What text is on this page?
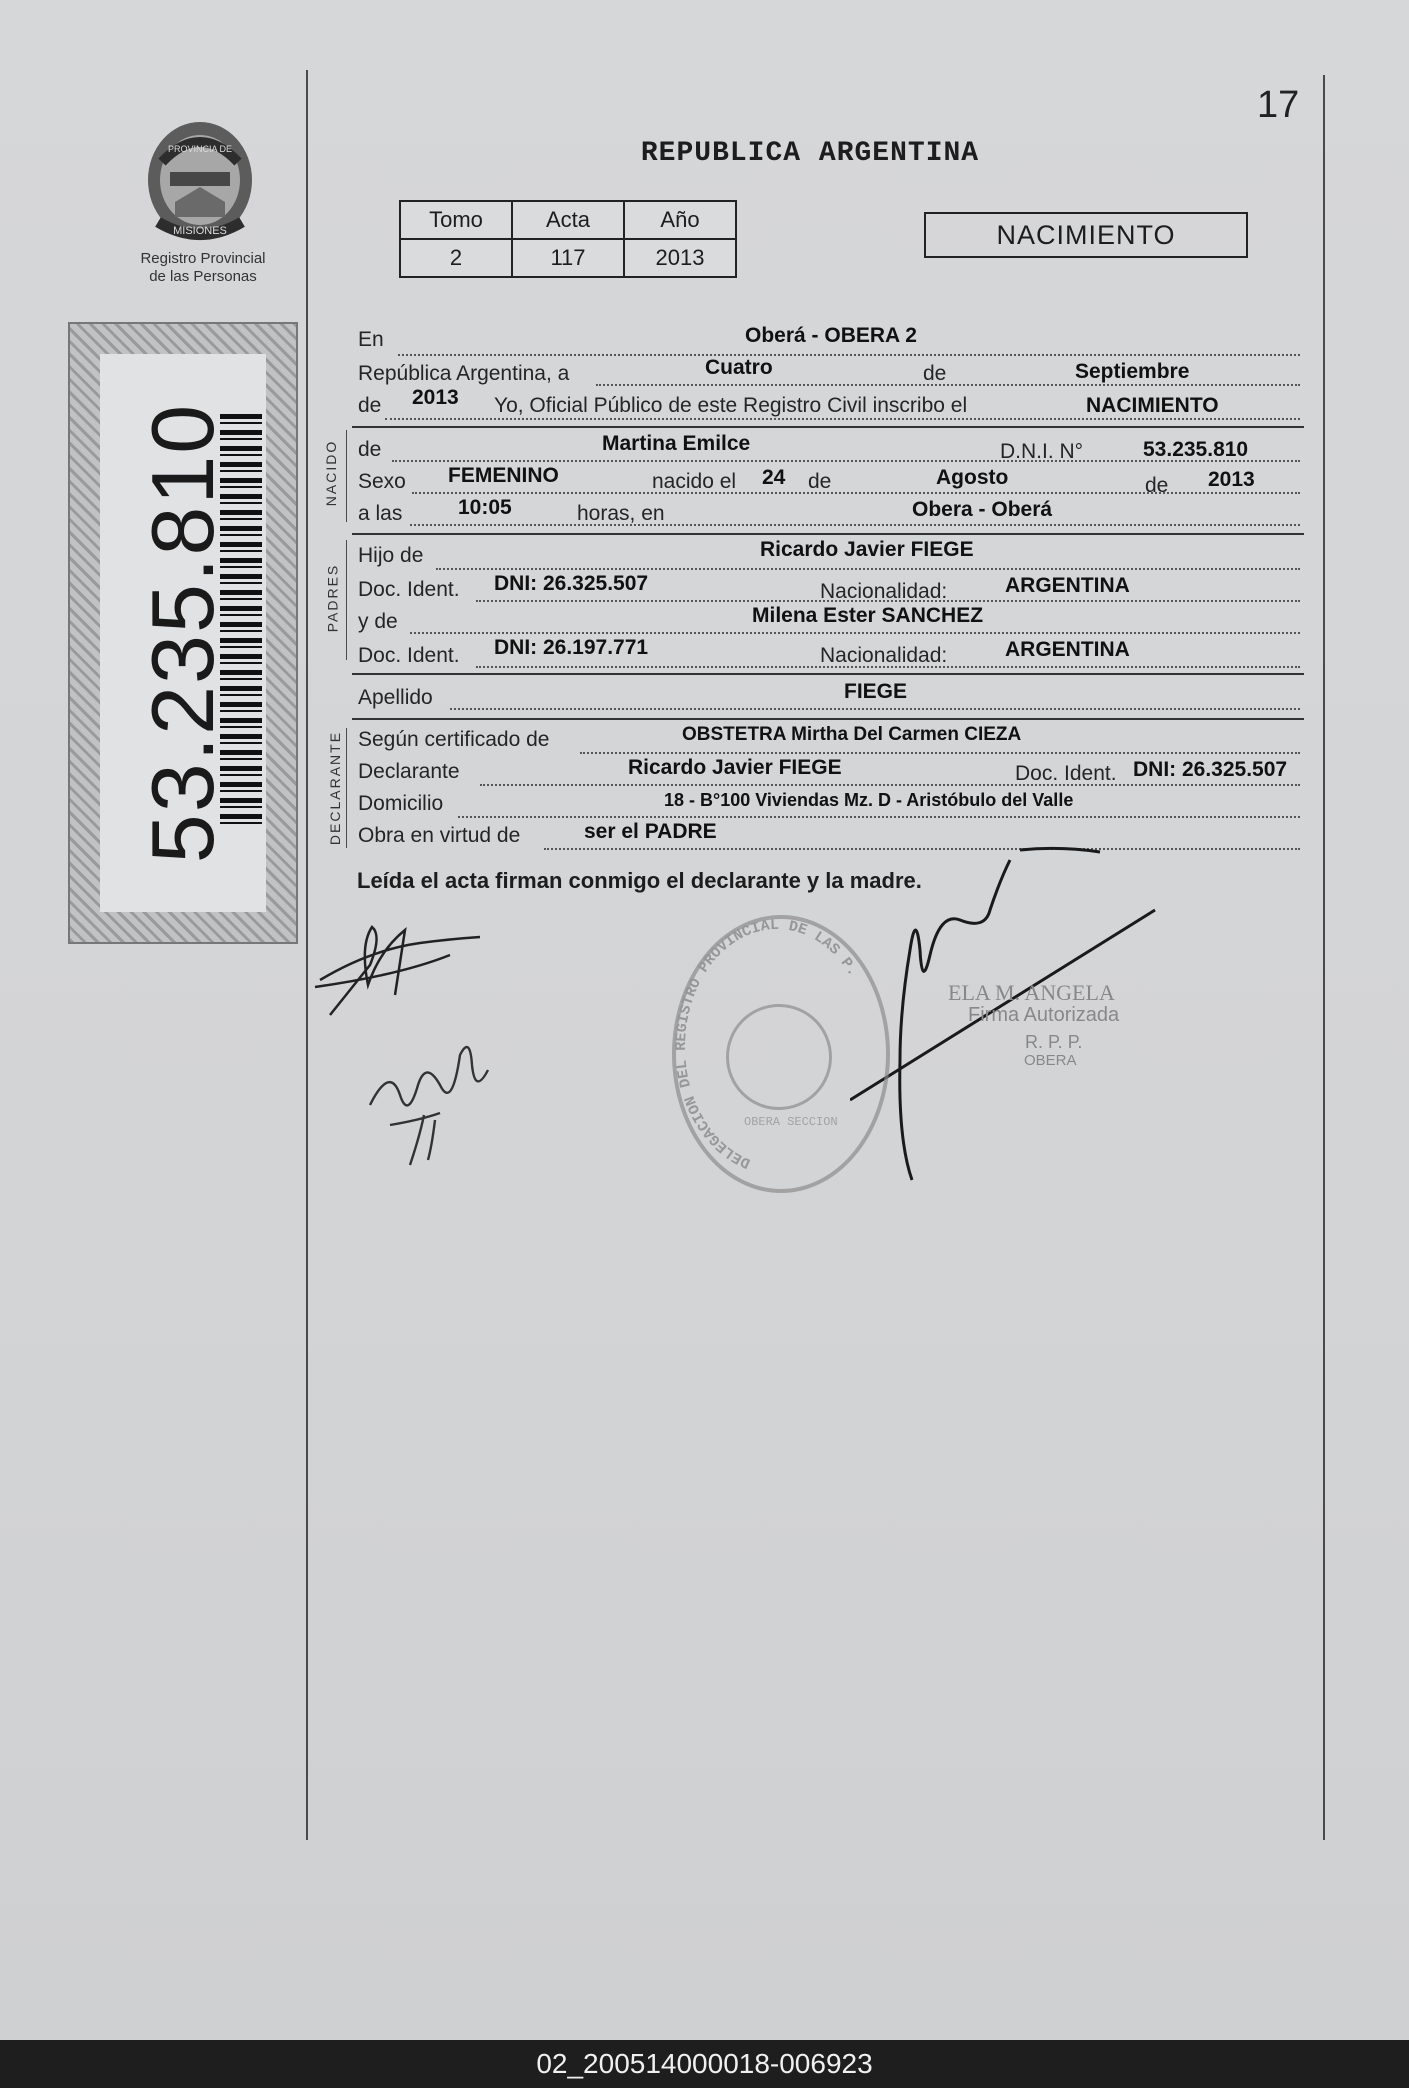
17
REPUBLICA ARGENTINA
PROVINCIA DE
MISIONES
Registro Provincial
de las Personas
Tomo	Acta	Año
2	117	2013
NACIMIENTO
53.235.810	NACIDO
PADRES
DECLARANTE
En	Oberá - OBERA 2
República Argentina, a	Cuatro	de	Septiembre
de 2013 Yo, Oficial Público de este Registro Civil inscribo el	NACIMIENTO
de	Martina Emilce	D.N.I. N°	53.235.810
Sexo FEMENINO	nacido el 24 de	Agosto	de 2013
a las	10:05	horas, en	Obera - Oberá
Hijo de	Ricardo Javier FIEGE
Doc. Ident. DNI: 26.325.507	Nacionalidad:	ARGENTINA
y de	Milena Ester SANCHEZ
Doc. Ident. DNI: 26.197.771	Nacionalidad:	ARGENTINA
Apellido	FIEGE
Según certificado de	OBSTETRA Mirtha Del Carmen CIEZA
Declarante	Ricardo Javier FIEGE	Doc. Ident. DNI: 26.325.507
Domicilio	18 - B°100 Viviendas Mz. D - Aristóbulo del Valle
Obra en virtud de	ser el PADRE
Leída el acta firman conmigo el declarante y la madre.
DELEGACION DEL REGISTRO PROVINCIAL DE LAS P.
OBERA SECCION
ELA M. ANGELA
Firma Autorizada
R. P. P.
OBERA
02_200514000018-006923
